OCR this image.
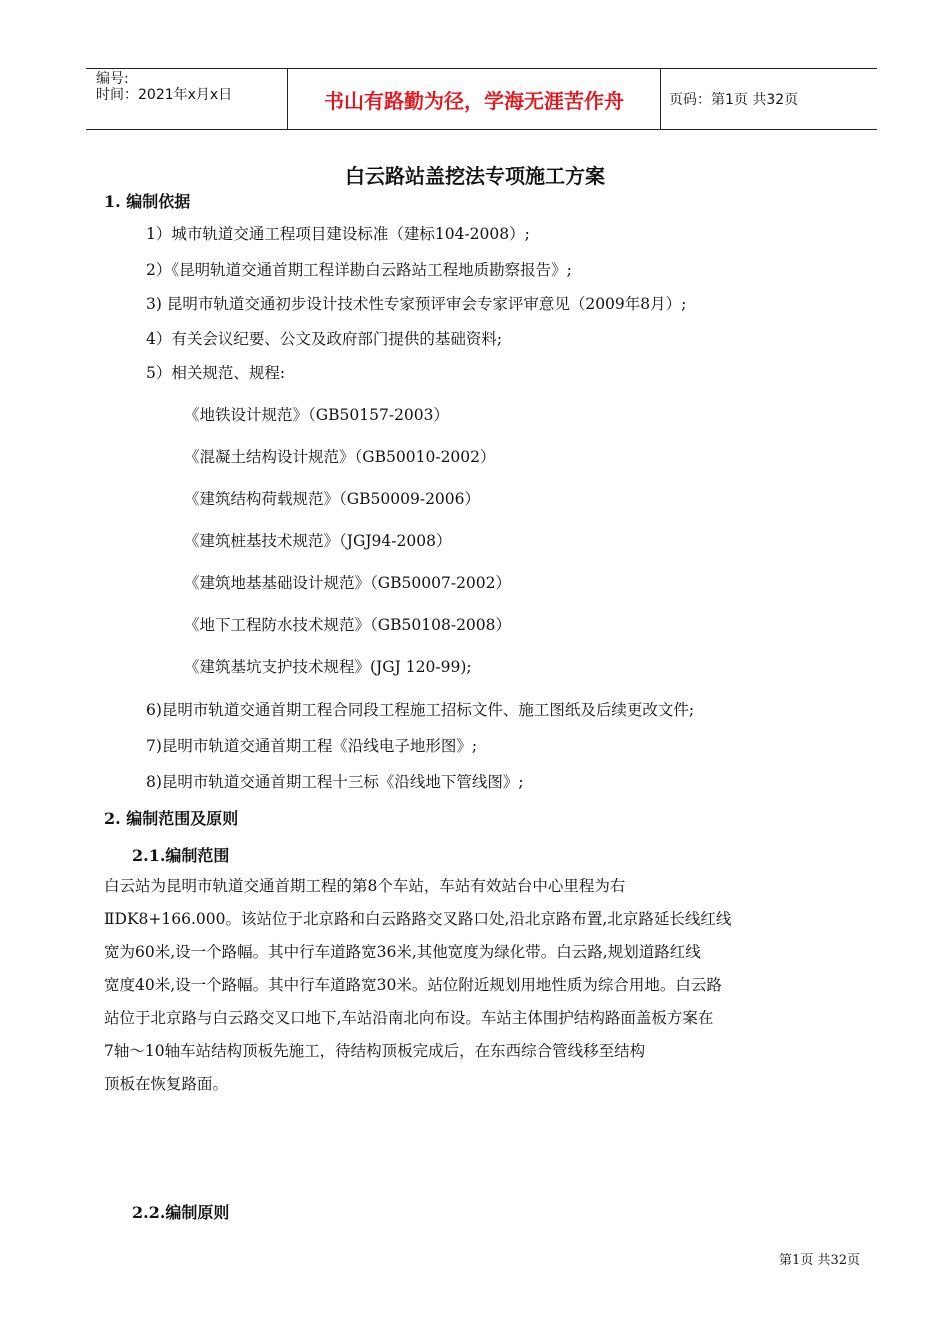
编号:
时间：2021年x月x日	书山有路勤为径，学海无涯苦作舟	页码：第1页 共32页
白云路站盖挖法专项施工方案
1. 编制依据
1）城市轨道交通工程项目建设标准（建标104-2008）;
2）《昆明轨道交通首期工程详勘白云路站工程地质勘察报告》;
3) 昆明市轨道交通初步设计技术性专家预评审会专家评审意见（2009年8月）;
4）有关会议纪要、公文及政府部门提供的基础资料;
5）相关规范、规程:
《地铁设计规范》（GB50157-2003）
《混凝土结构设计规范》（GB50010-2002）
《建筑结构荷载规范》（GB50009-2006）
《建筑桩基技术规范》（JGJ94-2008）
《建筑地基基础设计规范》（GB50007-2002）
《地下工程防水技术规范》（GB50108-2008）
《建筑基坑支护技术规程》(JGJ 120-99);
6)昆明市轨道交通首期工程合同段工程施工招标文件、施工图纸及后续更改文件;
7)昆明市轨道交通首期工程《沿线电子地形图》;
8)昆明市轨道交通首期工程十三标《沿线地下管线图》;
2. 编制范围及原则
2.1.编制范围
白云站为昆明市轨道交通首期工程的第8个车站，车站有效站台中心里程为右
ⅡDK8+166.000。该站位于北京路和白云路路交叉路口处,沿北京路布置,北京路延长线红线
宽为60米,设一个路幅。其中行车道路宽36米,其他宽度为绿化带。白云路,规划道路红线
宽度40米,设一个路幅。其中行车道路宽30米。站位附近规划用地性质为综合用地。白云路
站位于北京路与白云路交叉口地下,车站沿南北向布设。车站主体围护结构路面盖板方案在
7轴～10轴车站结构顶板先施工，待结构顶板完成后，在东西综合管线移至结构
顶板在恢复路面。
2.2.编制原则
第1页 共32页
